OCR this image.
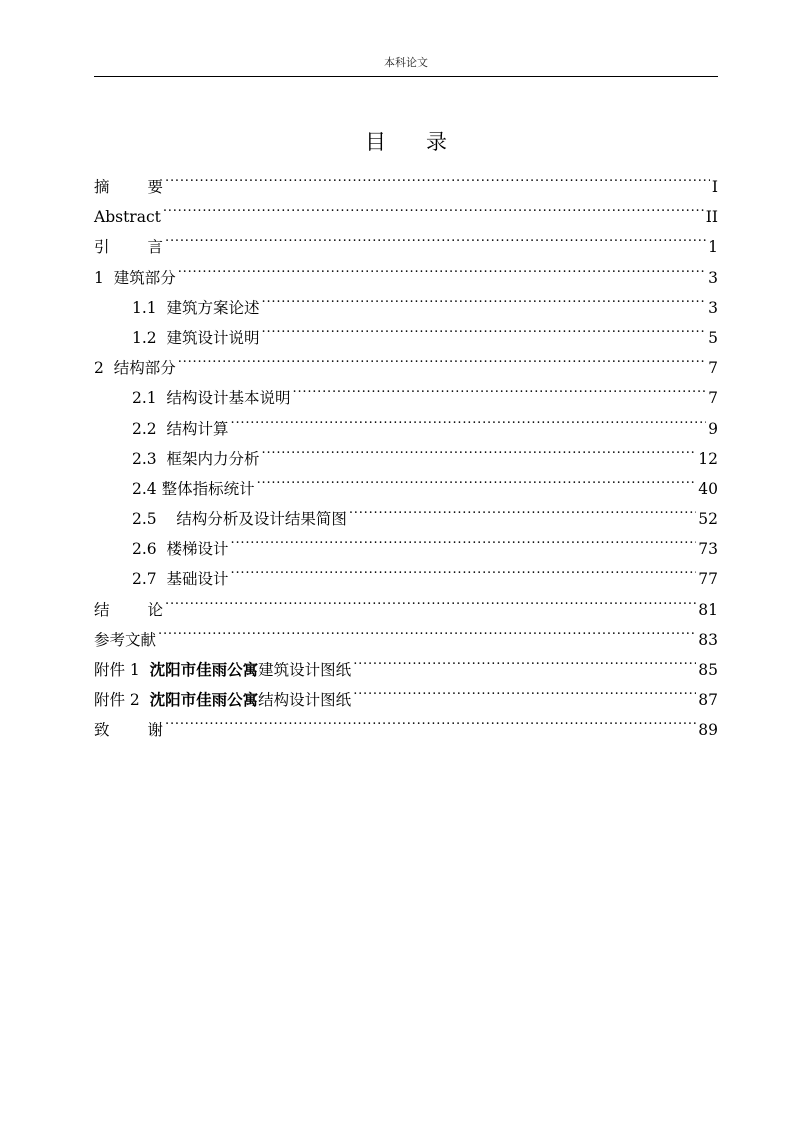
本科论文
目录
摘要 .....	I
Abstract .....	II
引言 .....	1
1  建筑部分 .....	3
1.1  建筑方案论述 .....	3
1.2  建筑设计说明 .....	5
2  结构部分 .....	7
2.1  结构设计基本说明 .....	7
2.2  结构计算 .....	9
2.3  框架内力分析 .....	12
2.4 整体指标统计 .....	40
2.5    结构分析及设计结果简图 .....	52
2.6  楼梯设计 .....	73
2.7  基础设计 .....	77
结论 .....	81
参考文献 .....	83
附件 1  沈阳市佳雨公寓建筑设计图纸 .....	85
附件 2  沈阳市佳雨公寓结构设计图纸 .....	87
致谢 .....	89
